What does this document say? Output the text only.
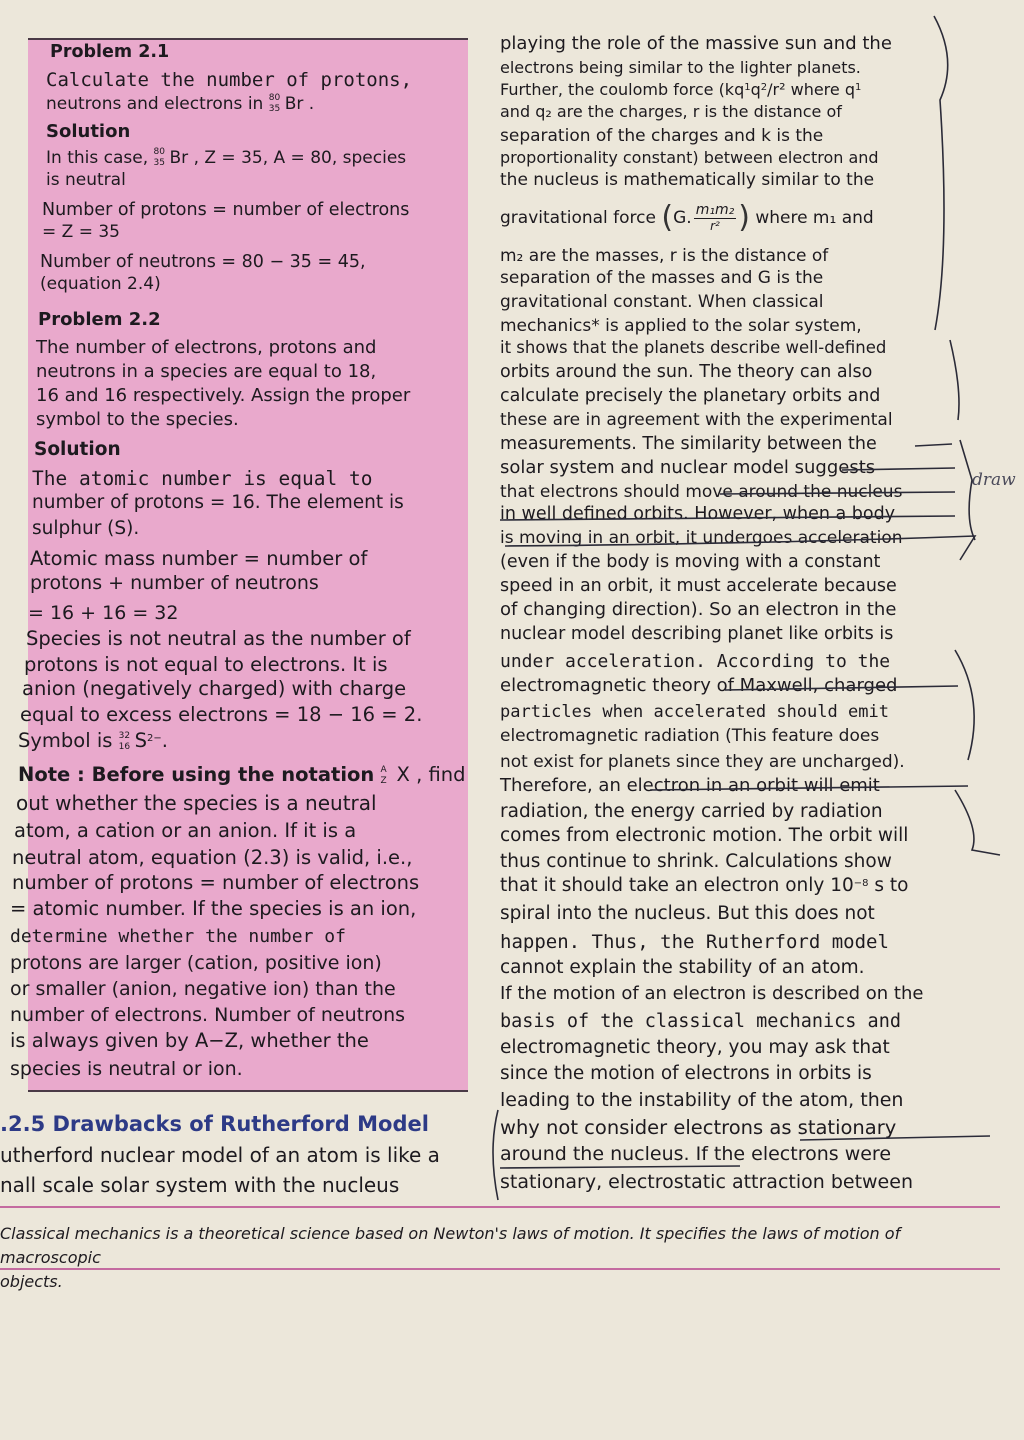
Problem 2.1
Calculate the number of protons,
neutrons and electrons in 80
35 Br .
Solution
In this case, 80
35 Br , Z = 35, A = 80, species
is neutral
Number of protons = number of electrons
= Z = 35
Number of neutrons = 80 − 35 = 45,
(equation 2.4)
Problem 2.2
The number of electrons, protons and
neutrons in a species are equal to 18,
16 and 16 respectively. Assign the proper
symbol to the species.
Solution
The atomic number is equal to
number of protons = 16. The element is
sulphur (S).
Atomic mass number = number of
protons + number of neutrons
= 16 + 16 = 32
Species is not neutral as the number of
protons is not equal to electrons. It is
anion (negatively charged) with charge
equal to excess electrons = 18 − 16 = 2.
Symbol is 32
16 $S^{2-}$.
Note : Before using the notation A
Z X , find
out whether the species is a neutral
atom, a cation or an anion. If it is a
neutral atom, equation (2.3) is valid, i.e.,
number of protons = number of electrons
= atomic number. If the species is an ion,
determine whether the number of
protons are larger (cation, positive ion)
or smaller (anion, negative ion) than the
number of electrons. Number of neutrons
is always given by A−Z, whether the
species is neutral or ion.
.2.5 Drawbacks of Rutherford Model
utherford nuclear model of an atom is like a
nall scale solar system with the nucleus
playing the role of the massive sun and the
electrons being similar to the lighter planets.
Further, the coulomb force ($kq^1q^2/r^2$ where $q^1$
and q₂ are the charges, r is the distance of
separation of the charges and k is the
proportionality constant) between electron and
the nucleus is mathematically similar to the
gravitational force (G. $\frac{\text{m₁m₂}}{\text{r²}}$ ) where m₁ and
m₂ are the masses, r is the distance of
separation of the masses and G is the
gravitational constant. When classical
mechanics* is applied to the solar system,
it shows that the planets describe well-defined
orbits around the sun. The theory can also
calculate precisely the planetary orbits and
these are in agreement with the experimental
measurements. The similarity between the
solar system and nuclear model suggests
that electrons should move around the nucleus
in well defined orbits. However, when a body
is moving in an orbit, it undergoes acceleration
(even if the body is moving with a constant
speed in an orbit, it must accelerate because
of changing direction). So an electron in the
nuclear model describing planet like orbits is
under acceleration. According to the
electromagnetic theory of Maxwell, charged
particles when accelerated should emit
electromagnetic radiation (This feature does
not exist for planets since they are uncharged).
Therefore, an electron in an orbit will emit
radiation, the energy carried by radiation
comes from electronic motion. The orbit will
thus continue to shrink. Calculations show
that it should take an electron only $10^{-8}$ s to
spiral into the nucleus. But this does not
happen. Thus, the Rutherford model
cannot explain the stability of an atom.
If the motion of an electron is described on the
basis of the classical mechanics and
electromagnetic theory, you may ask that
since the motion of electrons in orbits is
leading to the instability of the atom, then
why not consider electrons as stationary
around the nucleus. If the electrons were
stationary, electrostatic attraction between
draw
Classical mechanics is a theoretical science based on Newton's laws of motion. It specifies the laws of motion of macroscopic
objects.
